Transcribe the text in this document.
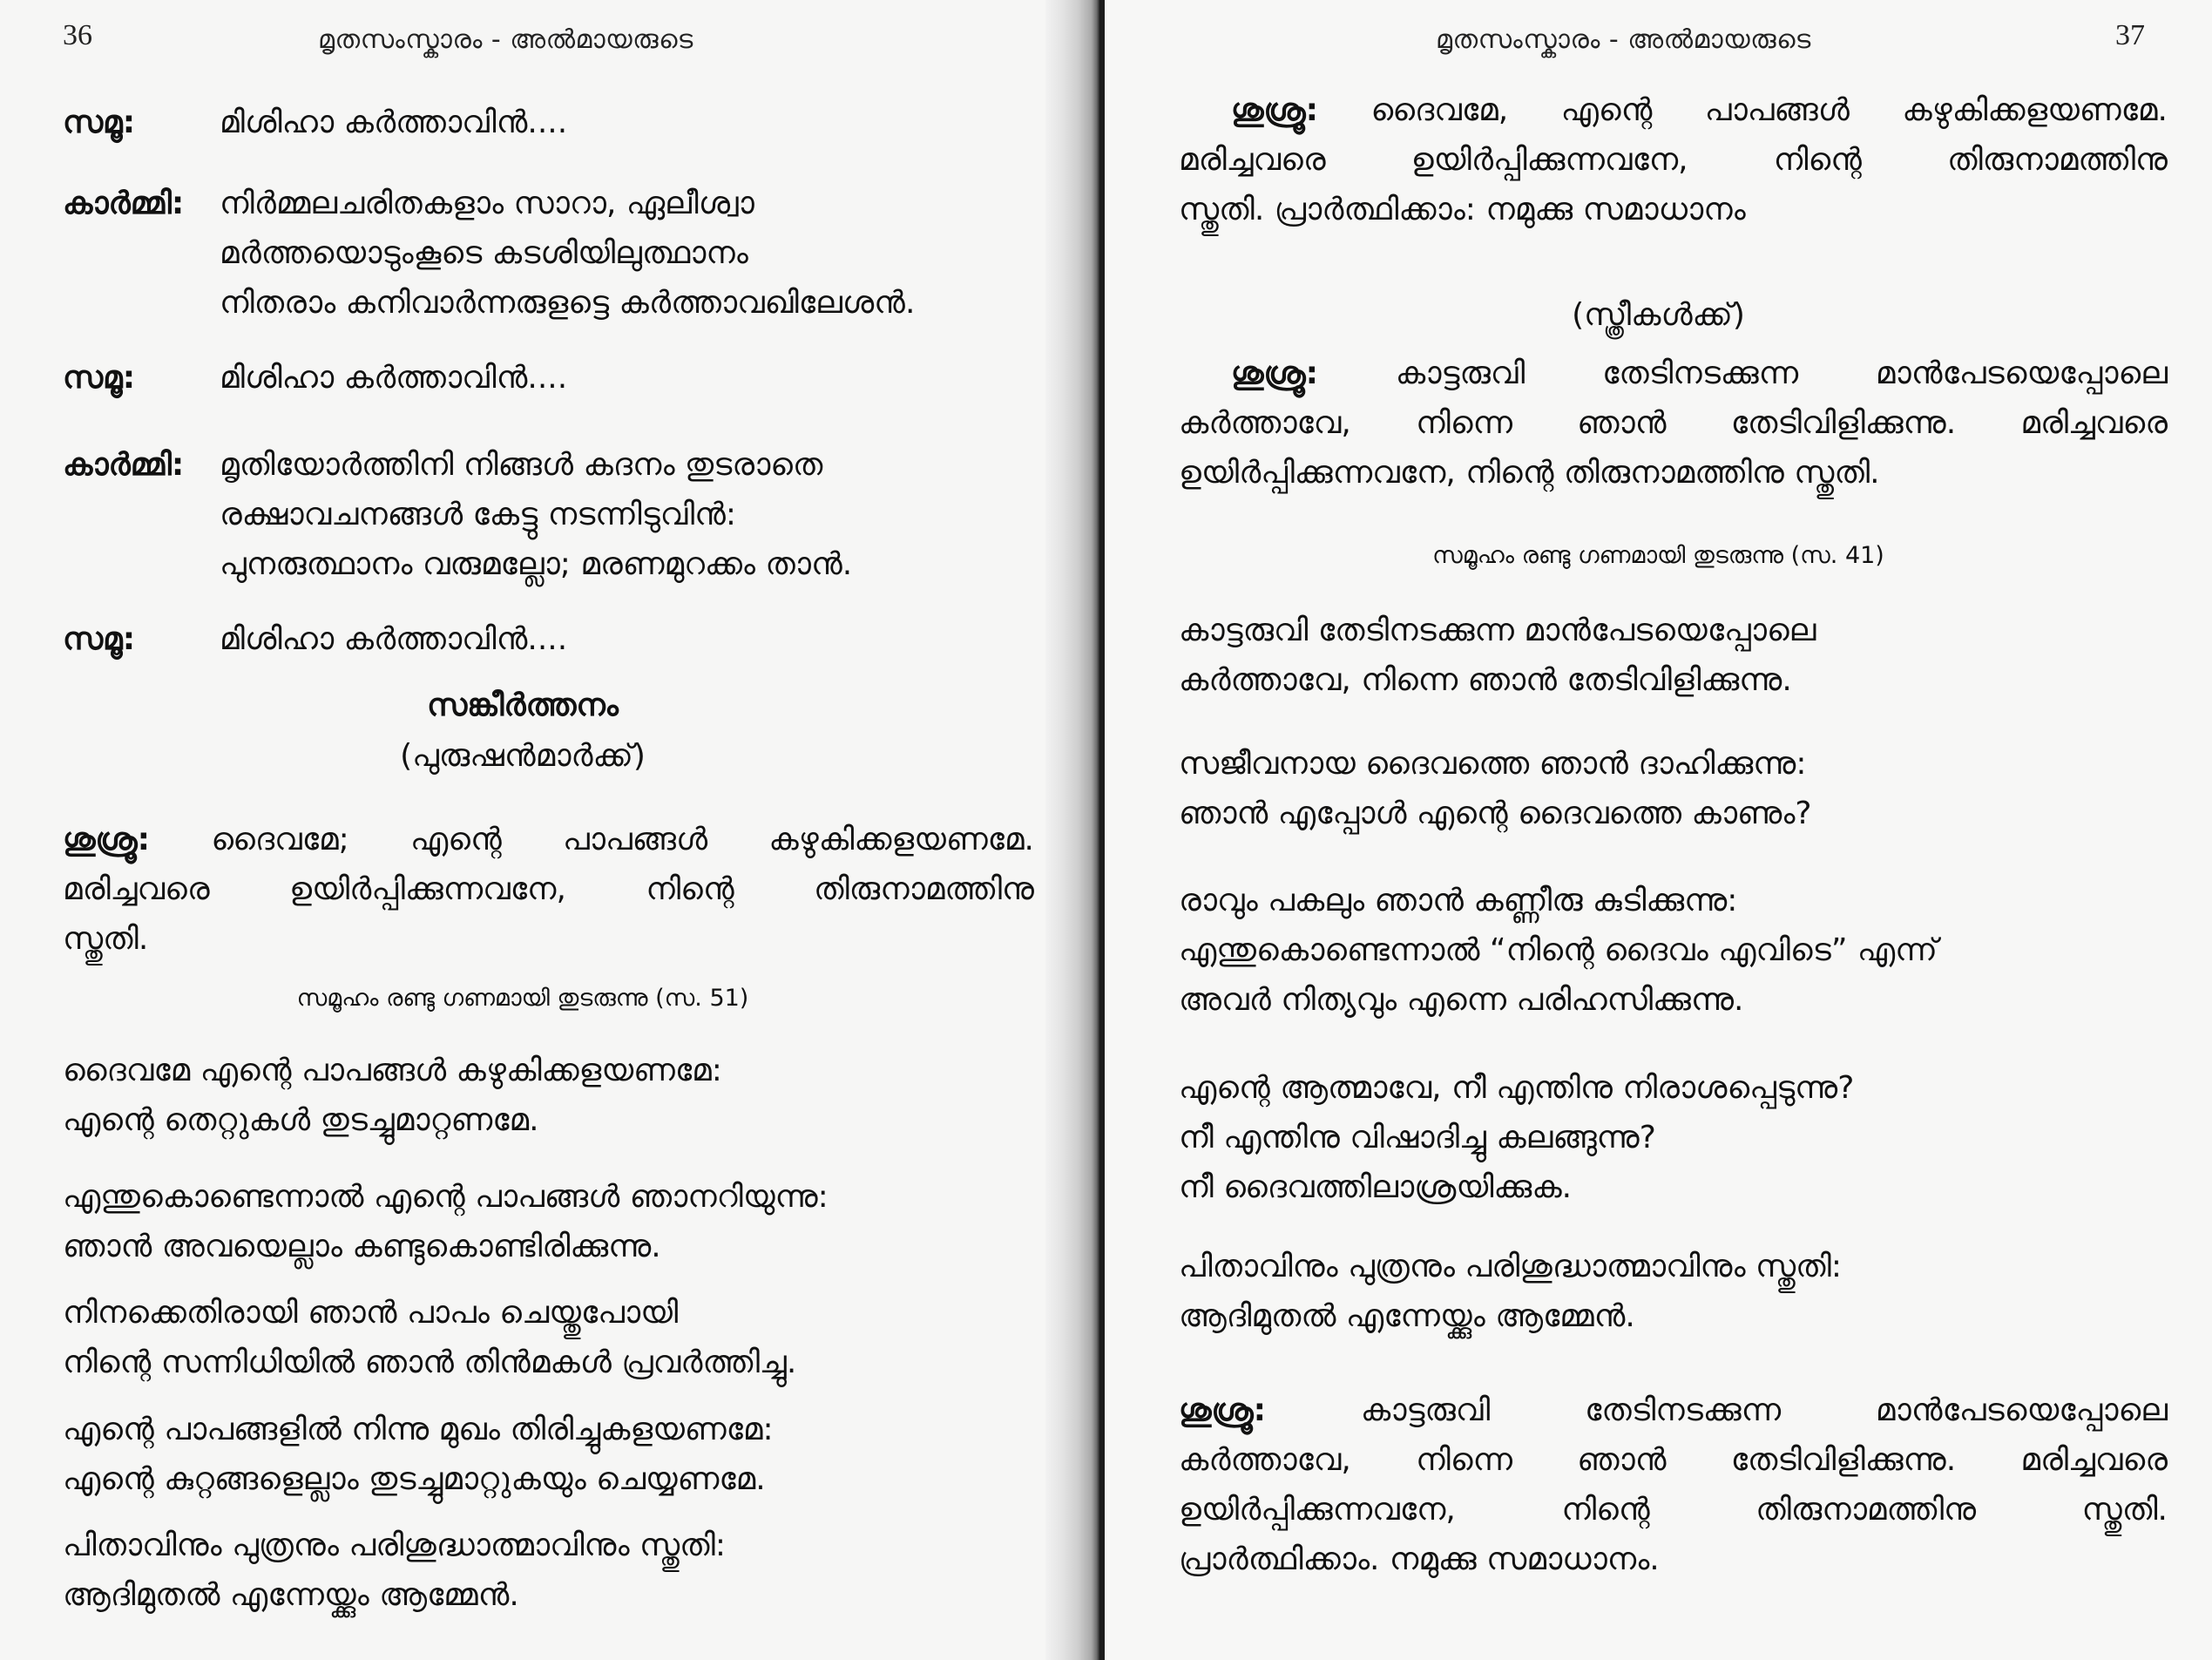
36	മൃതസംസ്കാരം - അൽമായരുടെ
സമൂ:	മിശിഹാ കർത്താവിൻ....
കാർമ്മി: നിർമ്മലചരിതകളാം സാറാ, ഏലീശ്വാ
മർത്തയൊടുംകൂടെ കടശിയിലുത്ഥാനം
നിതരാം കനിവാർന്നരുളട്ടെ കർത്താവഖിലേശൻ.
സമൂ:	മിശിഹാ കർത്താവിൻ....
കാർമ്മി: മൃതിയോർത്തിനി നിങ്ങൾ കദനം തുടരാതെ
രക്ഷാവചനങ്ങൾ കേട്ടു നടന്നിടുവിൻ:
പുനരുത്ഥാനം വരുമല്ലോ; മരണമുറക്കം താൻ.
സമൂ:	മിശിഹാ കർത്താവിൻ....
സങ്കീർത്തനം
(പുരുഷൻമാർക്ക്)
ശുശ്രൂ: ദൈവമേ; എന്റെ പാപങ്ങൾ കഴുകിക്കളയണമേ.
മരിച്ചവരെ ഉയിർപ്പിക്കുന്നവനേ, നിന്റെ തിരുനാമത്തിനു
സ്തുതി.
സമൂഹം രണ്ടു ഗണമായി തുടരുന്നു (സ. 51)
ദൈവമേ എന്റെ പാപങ്ങൾ കഴുകിക്കളയണമേ:
എന്റെ തെറ്റുകൾ തുടച്ചുമാറ്റണമേ.
എന്തുകൊണ്ടെന്നാൽ എന്റെ പാപങ്ങൾ ഞാനറിയുന്നു:
ഞാൻ അവയെല്ലാം കണ്ടുകൊണ്ടിരിക്കുന്നു.
നിനക്കെതിരായി ഞാൻ പാപം ചെയ്തുപോയി
നിന്റെ സന്നിധിയിൽ ഞാൻ തിൻമകൾ പ്രവർത്തിച്ചു.
എന്റെ പാപങ്ങളിൽ നിന്നു മുഖം തിരിച്ചുകളയണമേ:
എന്റെ കുറ്റങ്ങളെല്ലാം തുടച്ചുമാറ്റുകയും ചെയ്യണമേ.
പിതാവിനും പുത്രനും പരിശുദ്ധാത്മാവിനും സ്തുതി:
ആദിമുതൽ എന്നേയ്ക്കും ആമ്മേൻ.
മൃതസംസ്കാരം - അൽമായരുടെ	37
ശുശ്രൂ: ദൈവമേ, എന്റെ പാപങ്ങൾ കഴുകിക്കളയണമേ.
മരിച്ചവരെ ഉയിർപ്പിക്കുന്നവനേ, നിന്റെ തിരുനാമത്തിനു
സ്തുതി. പ്രാർത്ഥിക്കാം: നമുക്കു സമാധാനം
(സ്ത്രീകൾക്ക്)
ശുശ്രൂ: കാട്ടരുവി തേടിനടക്കുന്ന മാൻപേടയെപ്പോലെ
കർത്താവേ, നിന്നെ ഞാൻ തേടിവിളിക്കുന്നു. മരിച്ചവരെ
ഉയിർപ്പിക്കുന്നവനേ, നിന്റെ തിരുനാമത്തിനു സ്തുതി.
സമൂഹം രണ്ടു ഗണമായി തുടരുന്നു (സ. 41)
കാട്ടരുവി തേടിനടക്കുന്ന മാൻപേടയെപ്പോലെ
കർത്താവേ, നിന്നെ ഞാൻ തേടിവിളിക്കുന്നു.
സജീവനായ ദൈവത്തെ ഞാൻ ദാഹിക്കുന്നു:
ഞാൻ എപ്പോൾ എന്റെ ദൈവത്തെ കാണും?
രാവും പകലും ഞാൻ കണ്ണീരു കുടിക്കുന്നു:
എന്തുകൊണ്ടെന്നാൽ “നിന്റെ ദൈവം എവിടെ” എന്ന്
അവർ നിത്യവും എന്നെ പരിഹസിക്കുന്നു.
എന്റെ ആത്മാവേ, നീ എന്തിനു നിരാശപ്പെടുന്നു?
നീ എന്തിനു വിഷാദിച്ചു കലങ്ങുന്നു?
നീ ദൈവത്തിലാശ്രയിക്കുക.
പിതാവിനും പുത്രനും പരിശുദ്ധാത്മാവിനും സ്തുതി:
ആദിമുതൽ എന്നേയ്ക്കും ആമ്മേൻ.
ശുശ്രൂ:	കാട്ടരുവി തേടിനടക്കുന്ന മാൻപേടയെപ്പോലെ
കർത്താവേ, നിന്നെ ഞാൻ തേടിവിളിക്കുന്നു. മരിച്ചവരെ
ഉയിർപ്പിക്കുന്നവനേ, നിന്റെ തിരുനാമത്തിനു സ്തുതി.
പ്രാർത്ഥിക്കാം. നമുക്കു സമാധാനം.
